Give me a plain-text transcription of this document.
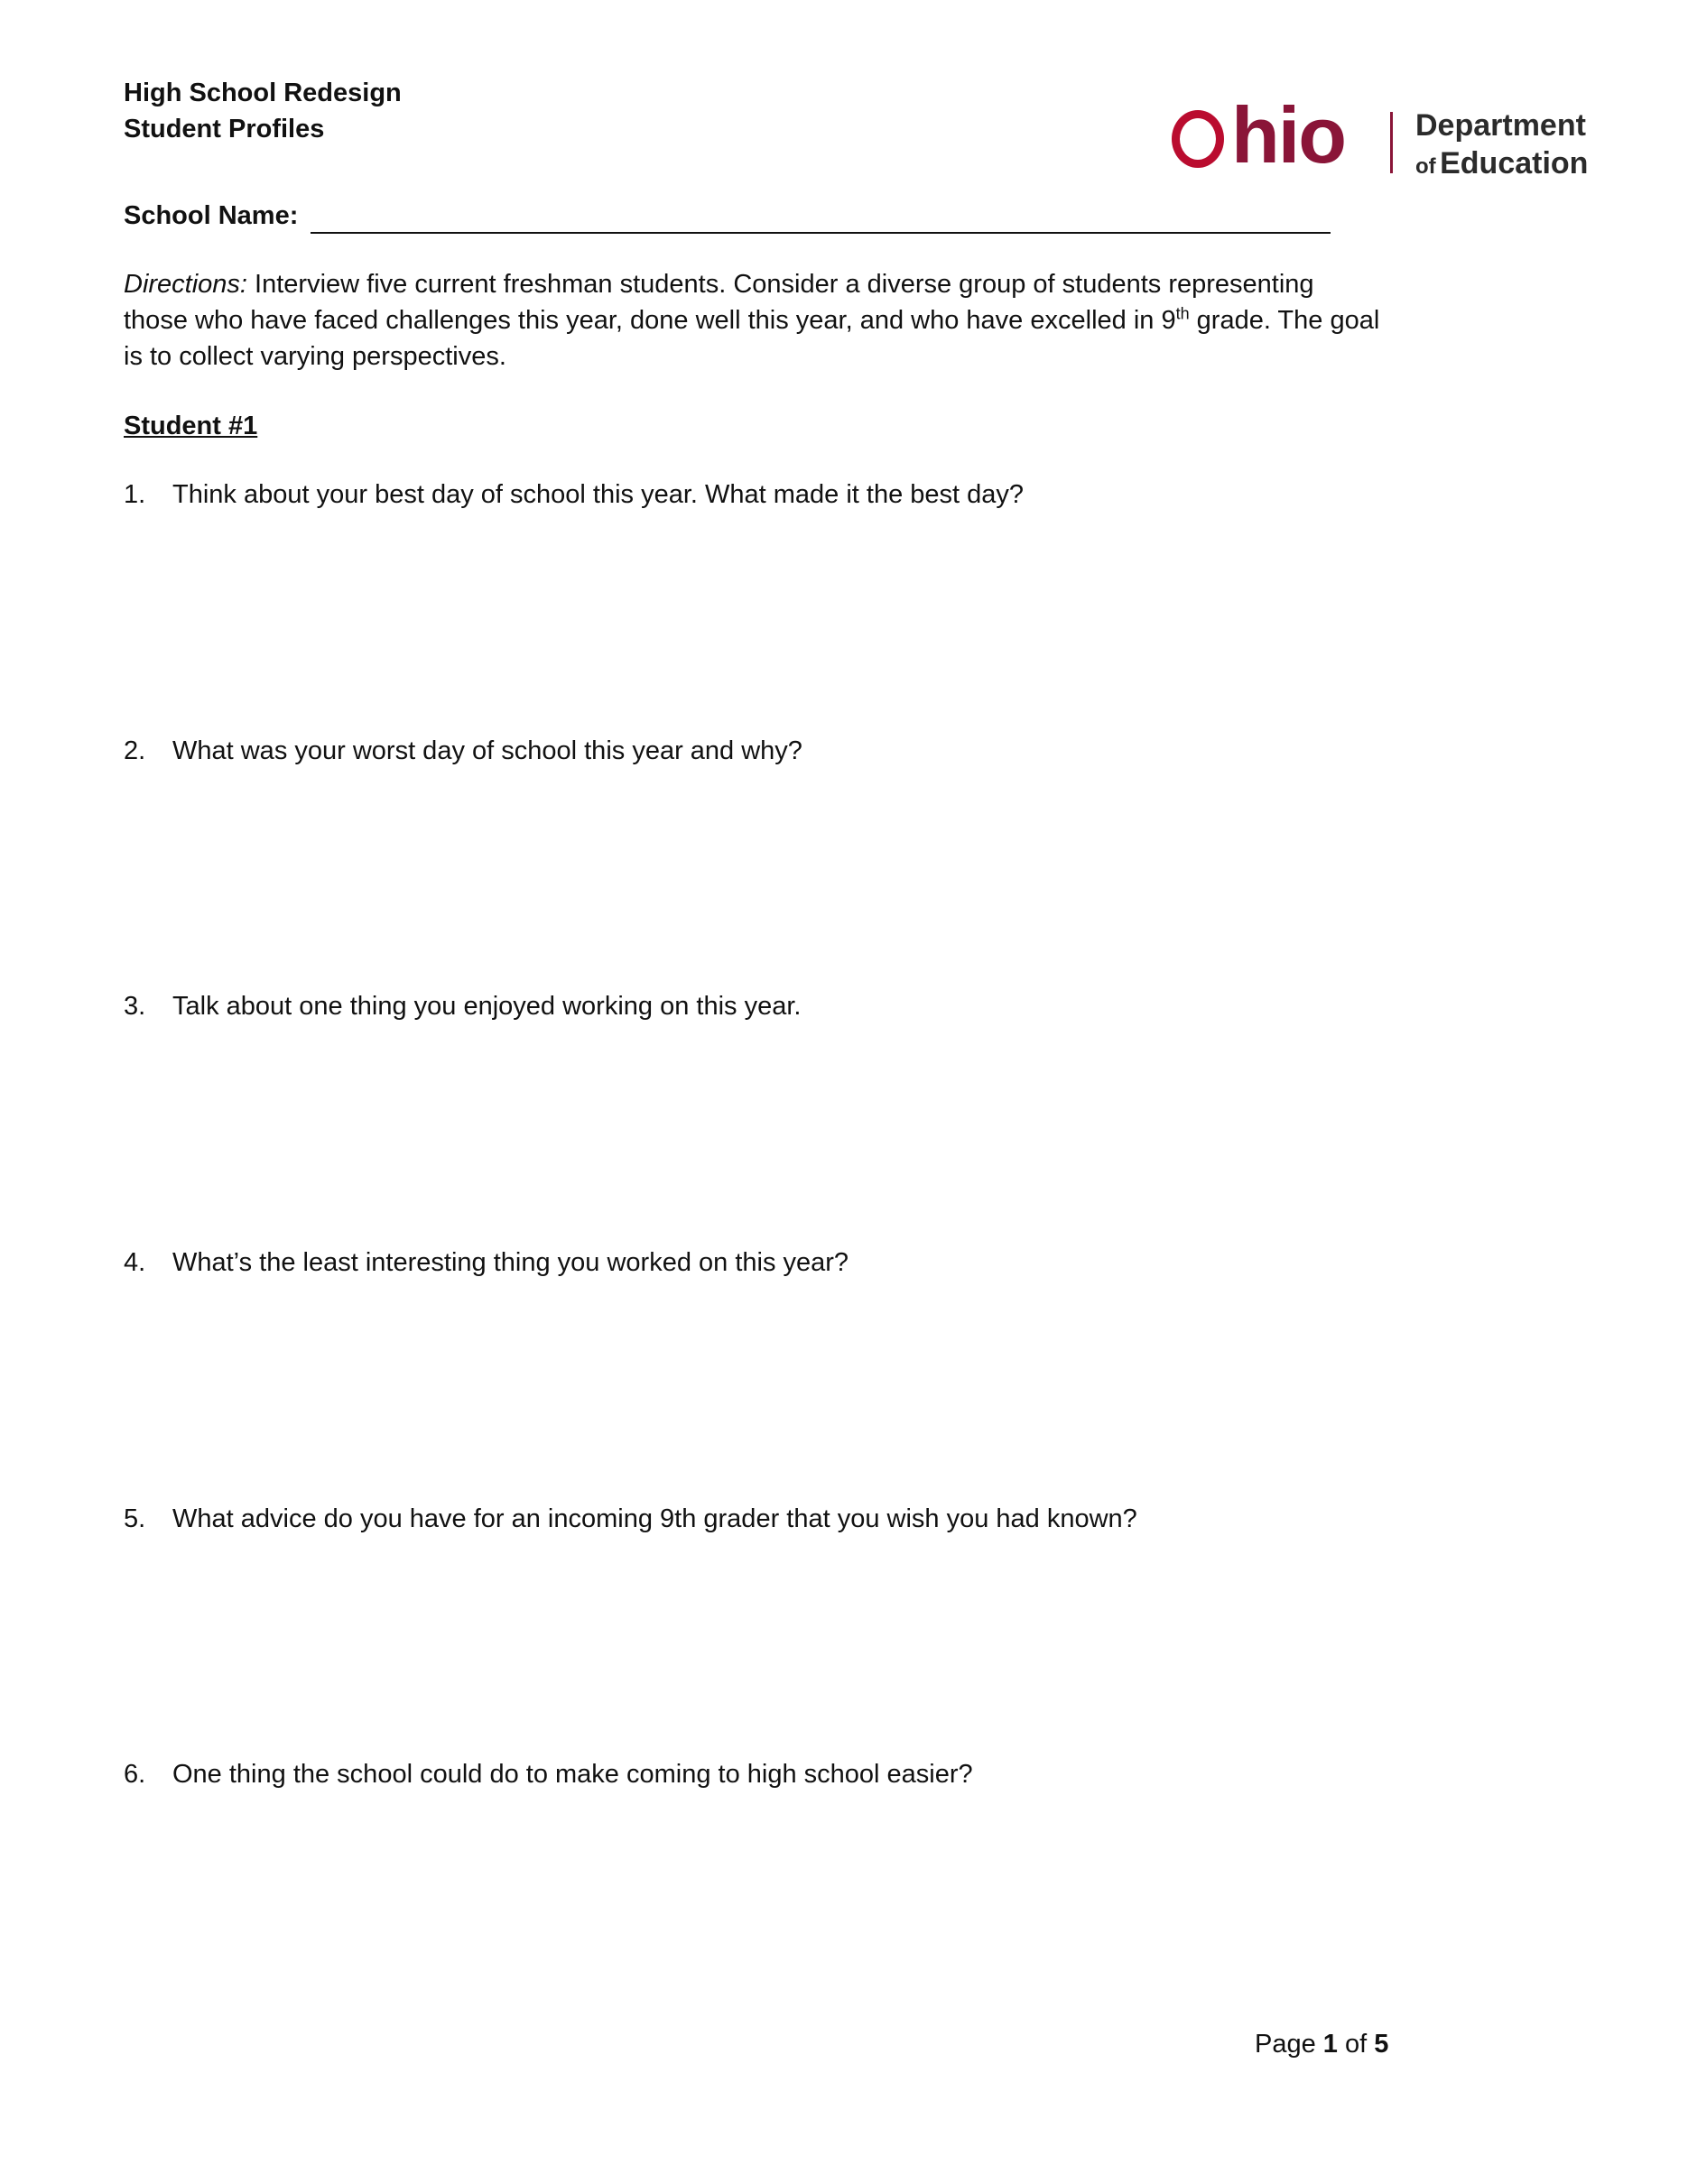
High School Redesign
Student Profiles	hio Department
of Education
School Name:

Directions: Interview five current freshman students. Consider a diverse group of students representing

those who have faced challenges this year, done well this year, and who have excelled in 9th grade. The goal

is to collect varying perspectives.

Student #1
1. Think about your best day of school this year. What made it the best day?
2. What was your worst day of school this year and why?
3. Talk about one thing you enjoyed working on this year.
4. What’s the least interesting thing you worked on this year?
5. What advice do you have for an incoming 9th grader that you wish you had known?
6. One thing the school could do to make coming to high school easier?
Page 1 of 5
